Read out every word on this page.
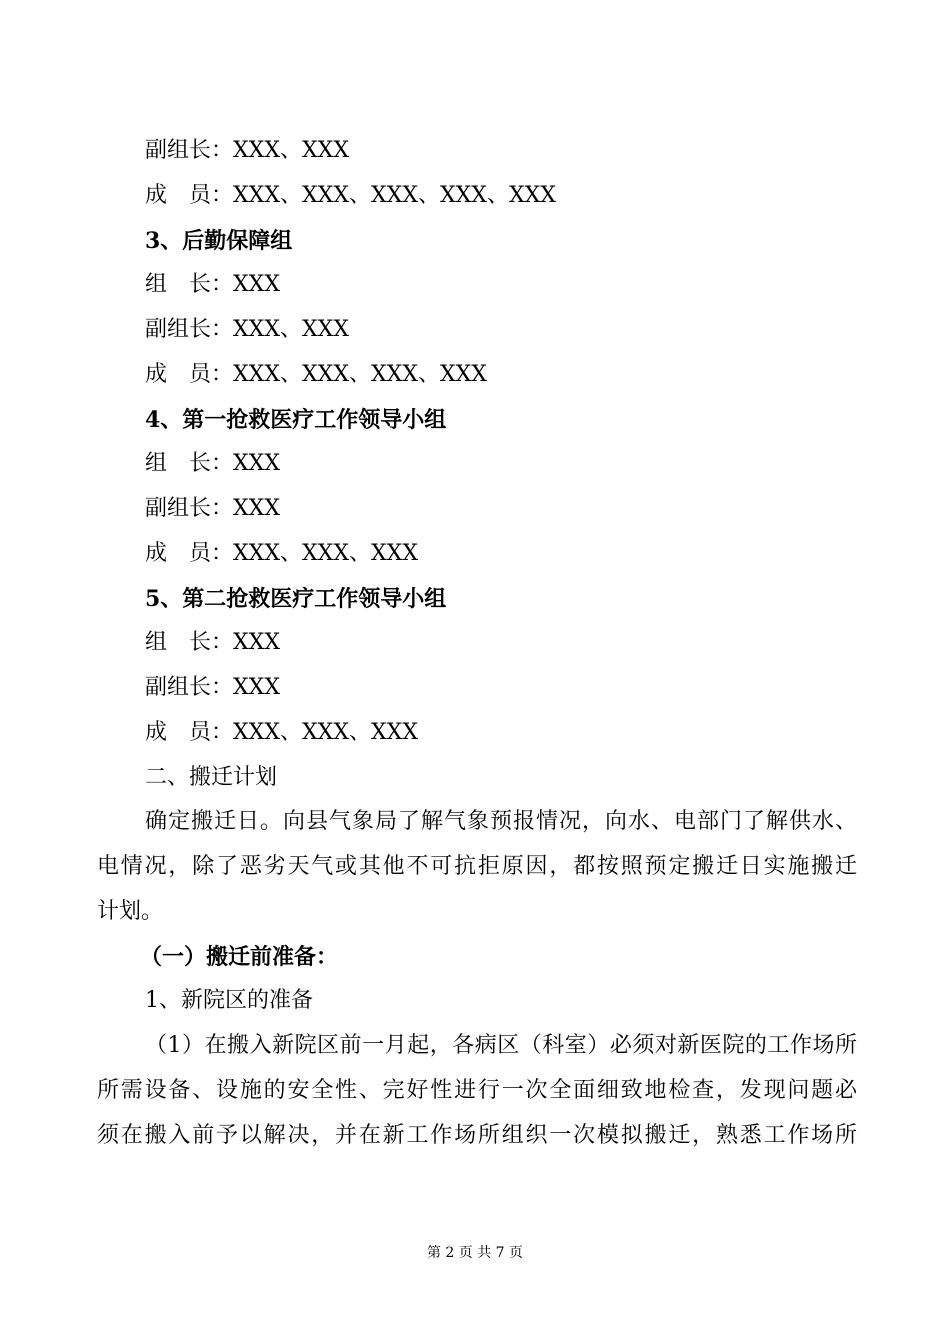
副组长：XXX、XXX
成　员：XXX、XXX、XXX、XXX、XXX
3、后勤保障组
组　长：XXX
副组长：XXX、XXX
成　员：XXX、XXX、XXX、XXX
4、第一抢救医疗工作领导小组
组　长：XXX
副组长：XXX
成　员：XXX、XXX、XXX
5、第二抢救医疗工作领导小组
组　长：XXX
副组长：XXX
成　员：XXX、XXX、XXX
二、搬迁计划
确定搬迁日。向县气象局了解气象预报情况，向水、电部门了解供水、
电情况，除了恶劣天气或其他不可抗拒原因，都按照预定搬迁日实施搬迁
计划。
（一）搬迁前准备：
1、新院区的准备
（1）在搬入新院区前一月起，各病区（科室）必须对新医院的工作场所
所需设备、设施的安全性、完好性进行一次全面细致地检查，发现问题必
须在搬入前予以解决，并在新工作场所组织一次模拟搬迁，熟悉工作场所
第 2 页 共 7 页
